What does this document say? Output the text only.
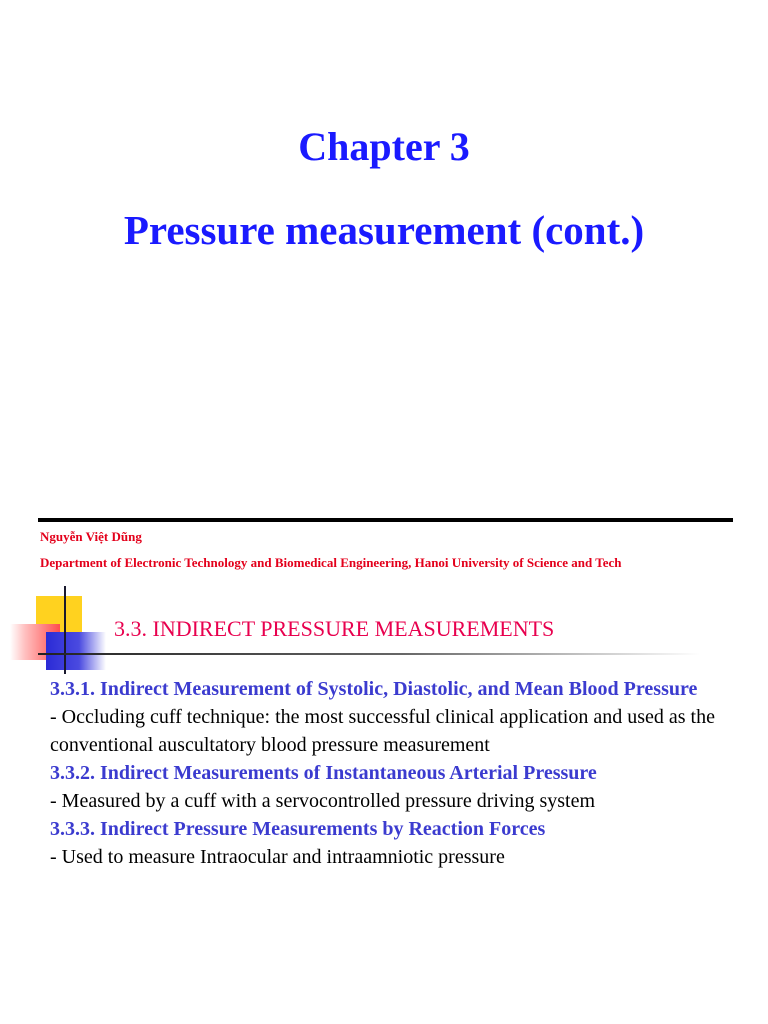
Chapter 3
Pressure measurement (cont.)
Nguyễn Việt Dũng
Department of Electronic Technology and Biomedical Engineering, Hanoi University of Science and Tech
3.3. INDIRECT PRESSURE MEASUREMENTS
3.3.1. Indirect Measurement of Systolic, Diastolic, and Mean Blood Pressure
- Occluding cuff technique: the most successful clinical application and used as the conventional auscultatory blood pressure measurement
3.3.2. Indirect Measurements of Instantaneous Arterial Pressure
- Measured by a cuff with a servocontrolled pressure driving system
3.3.3. Indirect Pressure Measurements by Reaction Forces
- Used to measure Intraocular and intraamniotic pressure
